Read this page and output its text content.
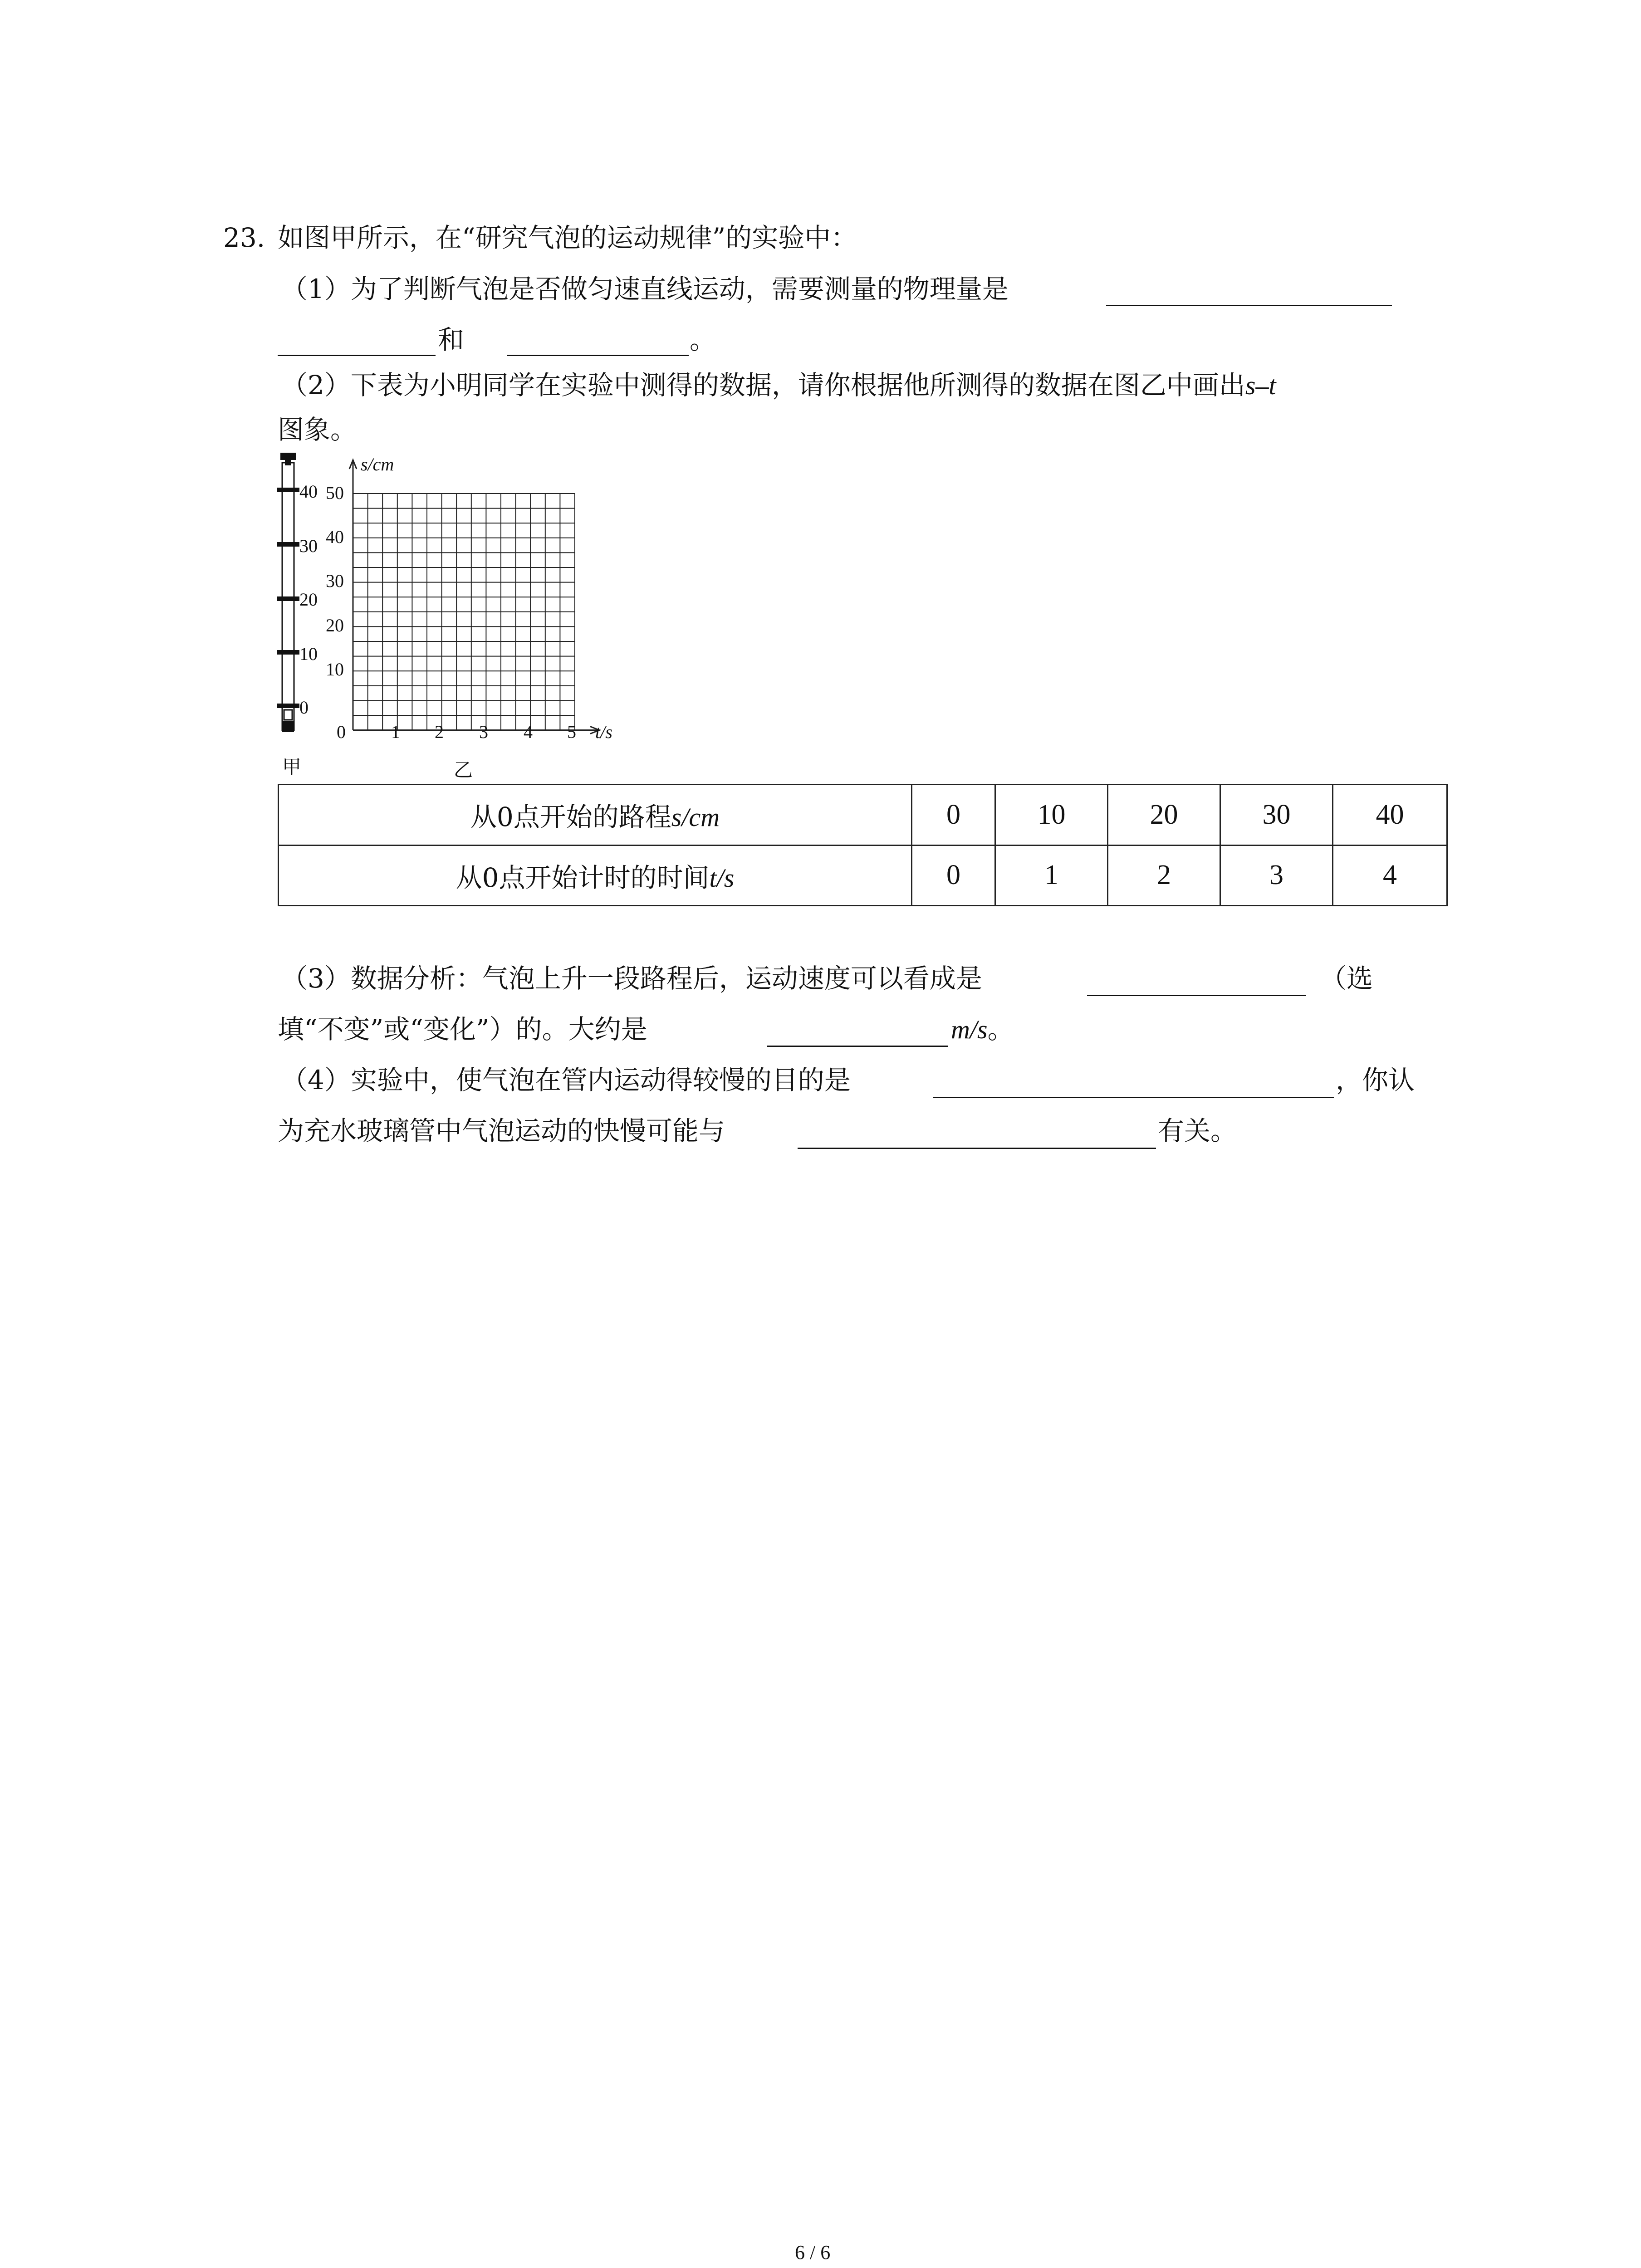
23. 如图甲所示，在“研究气泡的运动规律”的实验中：
（1）为了判断气泡是否做匀速直线运动，需要测量的物理量是
和	。
（2）下表为小明同学在实验中测得的数据，请你根据他所测得的数据在图乙中画出s–t
图象。
40
30
20
10
0
甲
s/cm
50
40
30
20
10
0	1 2 3 4 5 t/s
乙
从0点开始的路程s/cm	0	10	20	30	40
从0点开始计时的时间t/s	0	1	2	3	4
（3）数据分析：气泡上升一段路程后，运动速度可以看成是	（选
填“不变”或“变化”）的。大约是	m/s。
（4）实验中，使气泡在管内运动得较慢的目的是	，你认
为充水玻璃管中气泡运动的快慢可能与	有关。
6 / 6
